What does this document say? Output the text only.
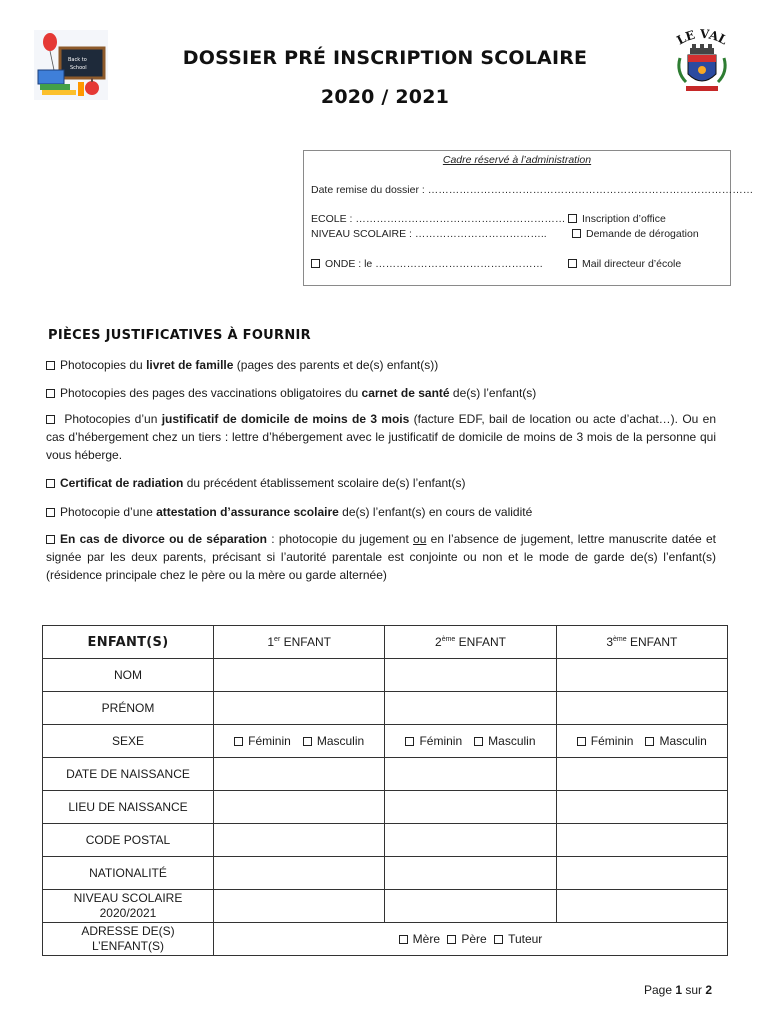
Back to
School
LE VAL
DOSSIER PRÉ INSCRIPTION SCOLAIRE
2020 / 2021
Cadre réservé à l’administration
Date remise du dossier : …………………………………………………………………………………
ECOLE : ……………………………………………………
NIVEAU SCOLAIRE : ………………………………..
ONDE : le …………………………………………
Inscription d’office
Demande de dérogation
Mail directeur d’école
PIÈCES JUSTIFICATIVES À FOURNIR
Photocopies du livret de famille (pages des parents et de(s) enfant(s))
Photocopies des pages des vaccinations obligatoires du carnet de santé de(s) l’enfant(s)
Photocopies d’un justificatif de domicile de moins de 3 mois (facture EDF, bail de location ou acte d’achat…). Ou en cas d’hébergement chez un tiers : lettre d’hébergement avec le justificatif de domicile de moins de 3 mois de la personne qui vous héberge.
Certificat de radiation du précédent établissement scolaire de(s) l’enfant(s)
Photocopie d’une attestation d’assurance scolaire de(s) l’enfant(s) en cours de validité
En cas de divorce ou de séparation : photocopie du jugement ou en l’absence de jugement, lettre manuscrite datée et signée par les deux parents, précisant si l’autorité parentale est conjointe ou non et le mode de garde de(s) l’enfant(s) (résidence principale chez le père ou la mère ou garde alternée)
ENFANT(S)	1er ENFANT	2ème ENFANT	3ème ENFANT
NOM			
PRÉNOM			
SEXE	Féminin Masculin	Féminin Masculin	Féminin Masculin
DATE DE NAISSANCE			
LIEU DE NAISSANCE			
CODE POSTAL			
NATIONALITÉ			
NIVEAU SCOLAIRE
2020/2021			
ADRESSE DE(S)
L’ENFANT(S)	Mère Père Tuteur		
Page 1 sur 2
